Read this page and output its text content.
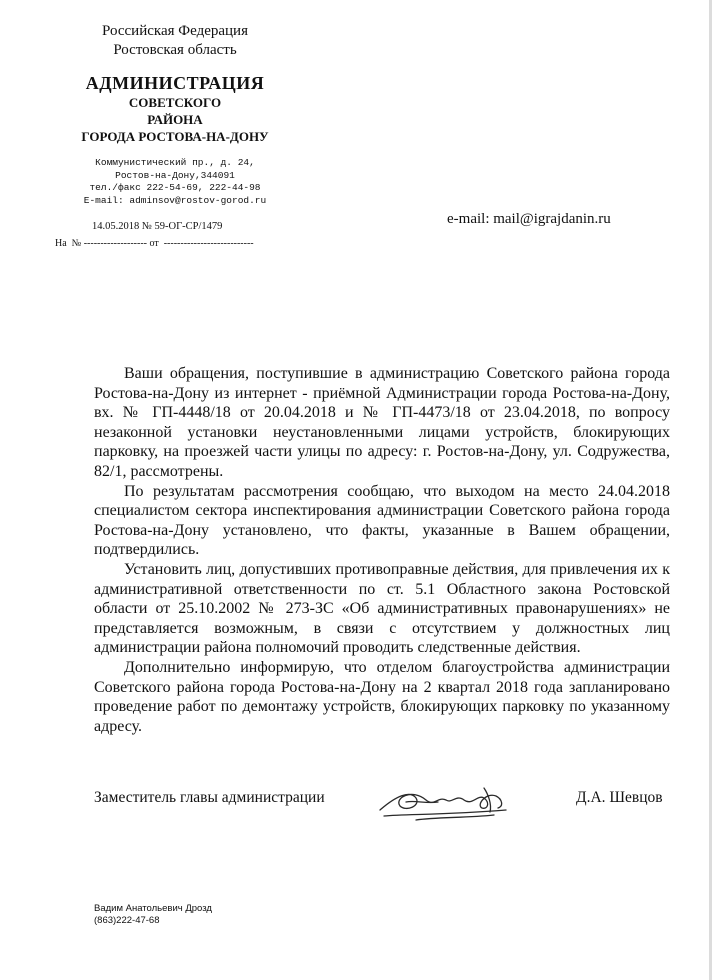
Российская Федерация
Ростовская область
АДМИНИСТРАЦИЯ
СОВЕТСКОГО
РАЙОНА
ГОРОДА РОСТОВА-НА-ДОНУ
Коммунистический пр., д. 24,
Ростов-на-Дону,344091
тел./факс 222-54-69, 222-44-98
E-mail: adminsov@rostov-gorod.ru
14.05.2018 № 59-ОГ-СР/1479
На  № ------------------- от  ---------------------------
e-mail: mail@igrajdanin.ru

Ваши обращения, поступившие в администрацию Советского района города Ростова-на-Дону из интернет - приёмной Администрации города Ростова-на-Дону, вх. № ГП-4448/18 от 20.04.2018 и № ГП-4473/18 от 23.04.2018, по вопросу незаконной установки неустановленными лицами устройств, блокирующих парковку, на проезжей части улицы по адресу: г. Ростов-на-Дону, ул. Содружества, 82/1, рассмотрены.

По результатам рассмотрения сообщаю, что выходом на место 24.04.2018 специалистом сектора инспектирования администрации Советского района города Ростова-на-Дону установлено, что факты, указанные в Вашем обращении, подтвердились.

Установить лиц, допустивших противоправные действия, для привлечения их к административной ответственности по ст. 5.1 Областного закона Ростовской области от 25.10.2002 № 273-ЗС «Об административных правонарушениях» не представляется возможным, в связи с отсутствием у должностных лиц администрации района полномочий проводить следственные действия.

Дополнительно информирую, что отделом благоустройства администрации Советского района города Ростова-на-Дону на 2 квартал 2018 года запланировано проведение работ по демонтажу устройств, блокирующих парковку по указанному адресу.

Заместитель главы администрации	Д.А. Шевцов
Вадим Анатольевич Дрозд
(863)222-47-68
